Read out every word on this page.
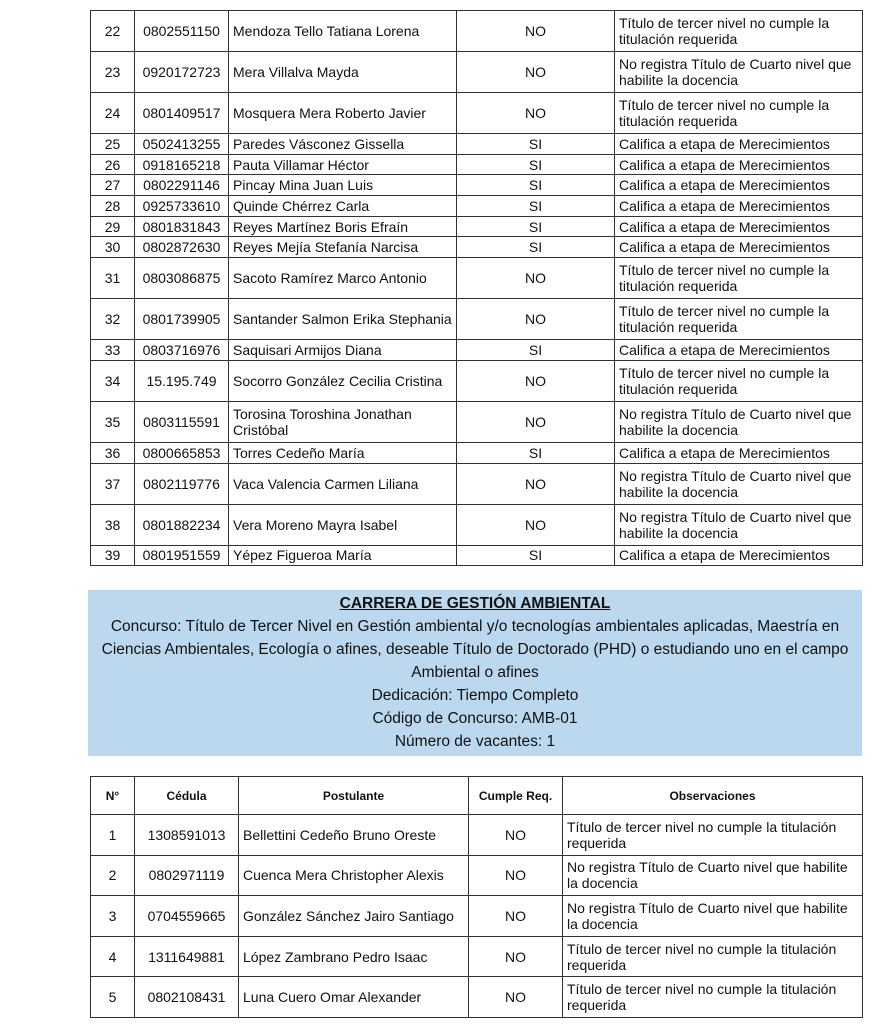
22	0802551150	Mendoza Tello Tatiana Lorena	NO	Título de tercer nivel no cumple la titulación requerida
23	0920172723	Mera Villalva Mayda	NO	No registra Título de Cuarto nivel que habilite la docencia
24	0801409517	Mosquera Mera Roberto Javier	NO	Título de tercer nivel no cumple la titulación requerida
25	0502413255	Paredes Vásconez Gissella	SI	Califica a etapa de Merecimientos
26	0918165218	Pauta Villamar Héctor	SI	Califica a etapa de Merecimientos
27	0802291146	Pincay Mina Juan Luis	SI	Califica a etapa de Merecimientos
28	0925733610	Quinde Chérrez Carla	SI	Califica a etapa de Merecimientos
29	0801831843	Reyes Martínez Boris Efraín	SI	Califica a etapa de Merecimientos
30	0802872630	Reyes Mejía Stefanía Narcisa	SI	Califica a etapa de Merecimientos
31	0803086875	Sacoto Ramírez Marco Antonio	NO	Título de tercer nivel no cumple la titulación requerida
32	0801739905	Santander Salmon Erika Stephania	NO	Título de tercer nivel no cumple la titulación requerida
33	0803716976	Saquisari Armijos Diana	SI	Califica a etapa de Merecimientos
34	15.195.749	Socorro González Cecilia Cristina	NO	Título de tercer nivel no cumple la titulación requerida
35	0803115591	Torosina Toroshina Jonathan Cristóbal	NO	No registra Título de Cuarto nivel que habilite la docencia
36	0800665853	Torres Cedeño María	SI	Califica a etapa de Merecimientos
37	0802119776	Vaca Valencia Carmen Liliana	NO	No registra Título de Cuarto nivel que habilite la docencia
38	0801882234	Vera Moreno Mayra Isabel	NO	No registra Título de Cuarto nivel que habilite la docencia
39	0801951559	Yépez Figueroa María	SI	Califica a etapa de Merecimientos

CARRERA DE GESTIÓN AMBIENTAL

Concurso: Título de Tercer Nivel en Gestión ambiental y/o tecnologías ambientales aplicadas, Maestría en Ciencias Ambientales, Ecología o afines, deseable Título de Doctorado (PHD) o estudiando uno en el campo Ambiental o afines

Dedicación: Tiempo Completo

Código de Concurso: AMB-01

Número de vacantes: 1

N°	Cédula	Postulante	Cumple Req.	Observaciones
1	1308591013	Bellettini Cedeño Bruno Oreste	NO	Título de tercer nivel no cumple la titulación requerida
2	0802971119	Cuenca Mera Christopher Alexis	NO	No registra Título de Cuarto nivel que habilite la docencia
3	0704559665	González Sánchez Jairo Santiago	NO	No registra Título de Cuarto nivel que habilite la docencia
4	1311649881	López Zambrano Pedro Isaac	NO	Título de tercer nivel no cumple la titulación requerida
5	0802108431	Luna Cuero Omar Alexander	NO	Título de tercer nivel no cumple la titulación requerida
